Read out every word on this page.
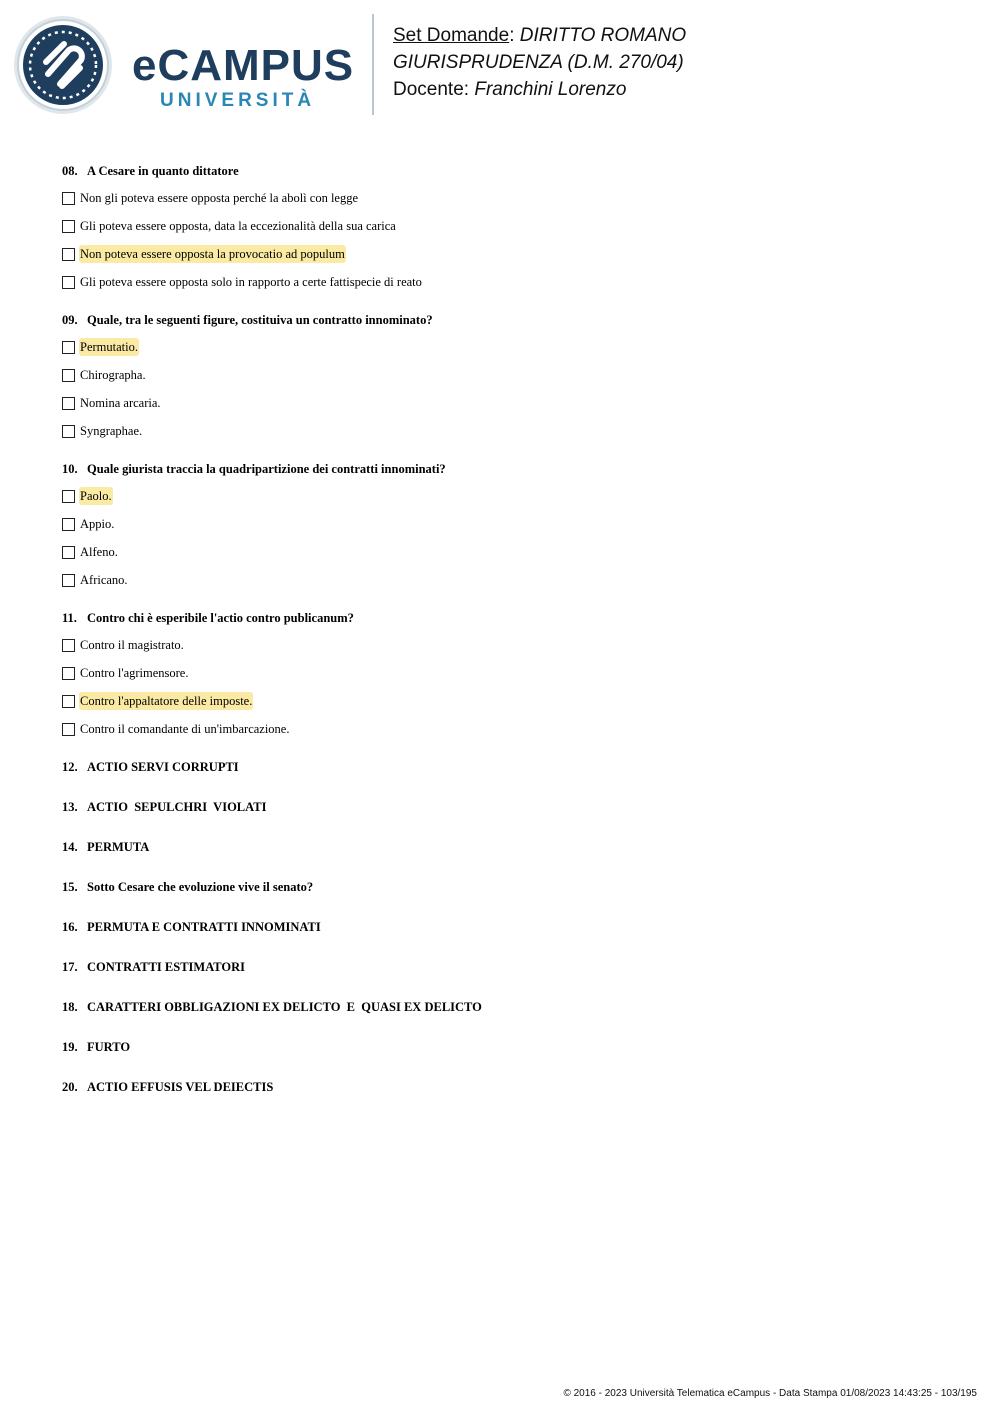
eCAMPUS
UNIVERSITÀ
Set Domande: DIRITTO ROMANO
GIURISPRUDENZA (D.M. 270/04)
Docente: Franchini Lorenzo
08. A Cesare in quanto dittatore
Non gli poteva essere opposta perché la abolì con legge
Gli poteva essere opposta, data la eccezionalità della sua carica
Non poteva essere opposta la provocatio ad populum
Gli poteva essere opposta solo in rapporto a certe fattispecie di reato
09. Quale, tra le seguenti figure, costituiva un contratto innominato?
Permutatio.
Chirographa.
Nomina arcaria.
Syngraphae.
10. Quale giurista traccia la quadripartizione dei contratti innominati?
Paolo.
Appio.
Alfeno.
Africano.
11. Contro chi è esperibile l'actio contro publicanum?
Contro il magistrato.
Contro l'agrimensore.
Contro l'appaltatore delle imposte.
Contro il comandante di un'imbarcazione.
12. ACTIO SERVI CORRUPTI
13. ACTIO  SEPULCHRI  VIOLATI
14. PERMUTA
15. Sotto Cesare che evoluzione vive il senato?
16. PERMUTA E CONTRATTI INNOMINATI
17. CONTRATTI ESTIMATORI
18. CARATTERI OBBLIGAZIONI EX DELICTO  E  QUASI EX DELICTO
19. FURTO
20. ACTIO EFFUSIS VEL DEIECTIS
© 2016 - 2023 Università Telematica eCampus - Data Stampa 01/08/2023 14:43:25 - 103/195
